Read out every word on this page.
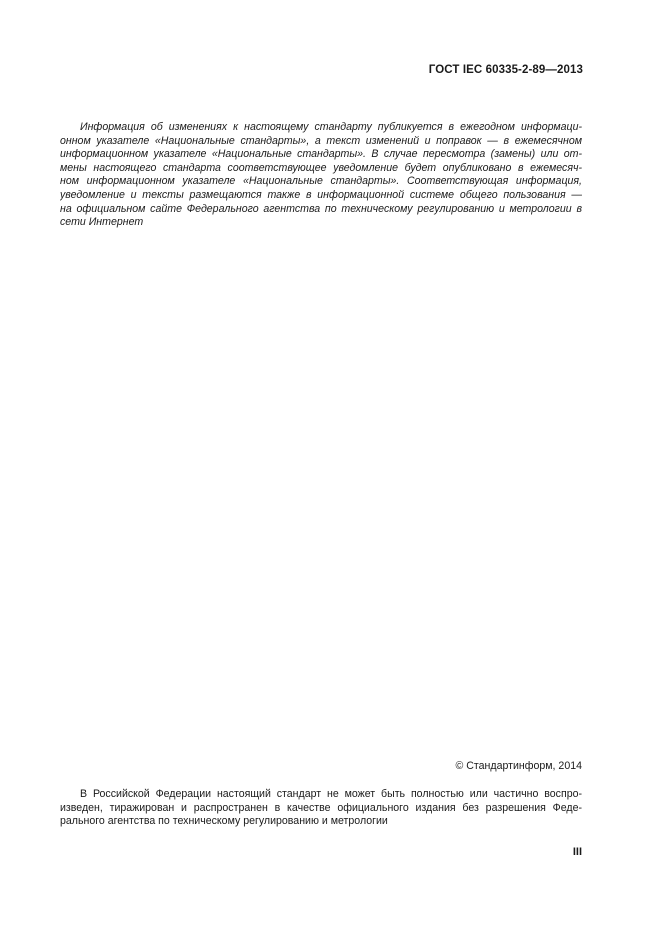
ГОСТ IEC 60335-2-89—2013
Информация об изменениях к настоящему стандарту публикуется в ежегодном информаци-
онном указателе «Национальные стандарты», а текст изменений и поправок — в ежемесячном
информационном указателе «Национальные стандарты». В случае пересмотра (замены) или от-
мены настоящего стандарта соответствующее уведомление будет опубликовано в ежемесяч-
ном информационном указателе «Национальные стандарты». Соответствующая информация,
уведомление и тексты размещаются также в информационной системе общего пользования —
на официальном сайте Федерального агентства по техническому регулированию и метрологии в
сети Интернет
© Стандартинформ, 2014
В Российской Федерации настоящий стандарт не может быть полностью или частично воспро-
изведен, тиражирован и распространен в качестве официального издания без разрешения Феде-
рального агентства по техническому регулированию и метрологии
III
